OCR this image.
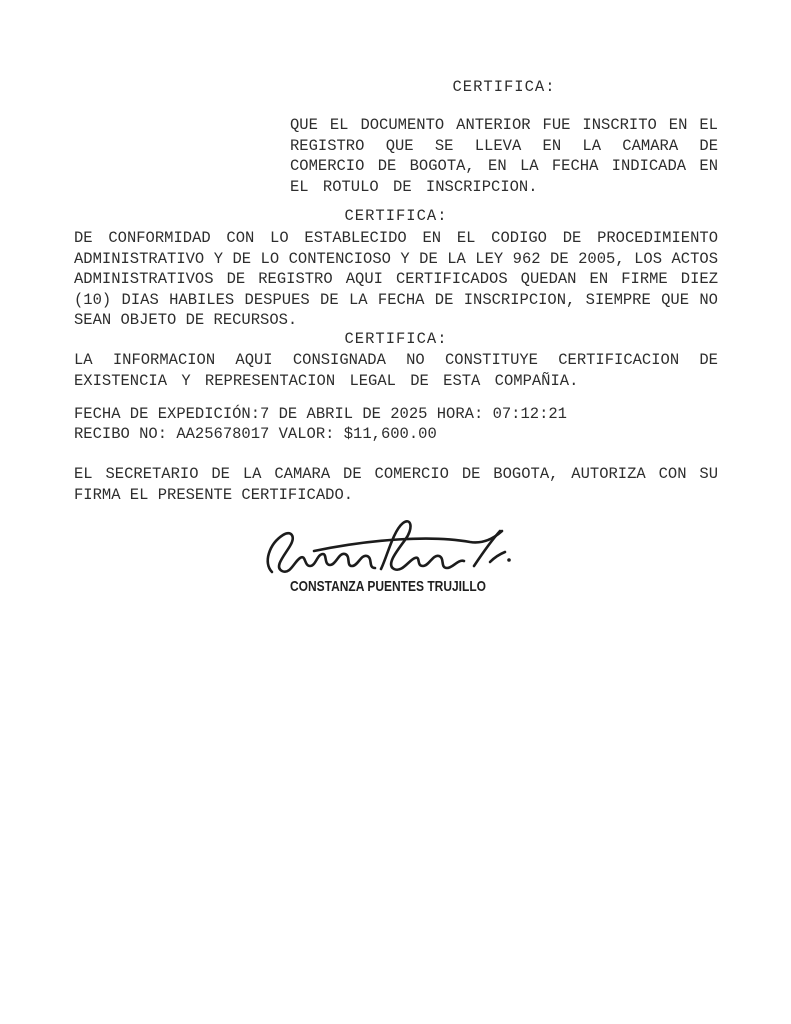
CERTIFICA:
QUE EL DOCUMENTO ANTERIOR FUE INSCRITO EN EL
REGISTRO QUE SE LLEVA EN LA CAMARA DE
COMERCIO DE BOGOTA, EN LA FECHA INDICADA EN
EL ROTULO DE INSCRIPCION.
CERTIFICA:
DE CONFORMIDAD CON LO ESTABLECIDO EN EL CODIGO DE PROCEDIMIENTO
ADMINISTRATIVO Y DE LO CONTENCIOSO Y DE LA LEY 962 DE 2005, LOS ACTOS
ADMINISTRATIVOS DE REGISTRO AQUI CERTIFICADOS QUEDAN EN FIRME DIEZ
(10) DIAS HABILES DESPUES DE LA FECHA DE INSCRIPCION, SIEMPRE QUE NO
SEAN OBJETO DE RECURSOS.
CERTIFICA:
LA INFORMACION AQUI CONSIGNADA NO CONSTITUYE CERTIFICACION DE
EXISTENCIA Y REPRESENTACION LEGAL DE ESTA COMPAÑIA.
FECHA DE EXPEDICIÓN:7 DE ABRIL DE 2025 HORA: 07:12:21
RECIBO NO: AA25678017 VALOR: $11,600.00
EL SECRETARIO DE LA CAMARA DE COMERCIO DE BOGOTA, AUTORIZA CON SU
FIRMA EL PRESENTE CERTIFICADO.
CONSTANZA PUENTES TRUJILLO
